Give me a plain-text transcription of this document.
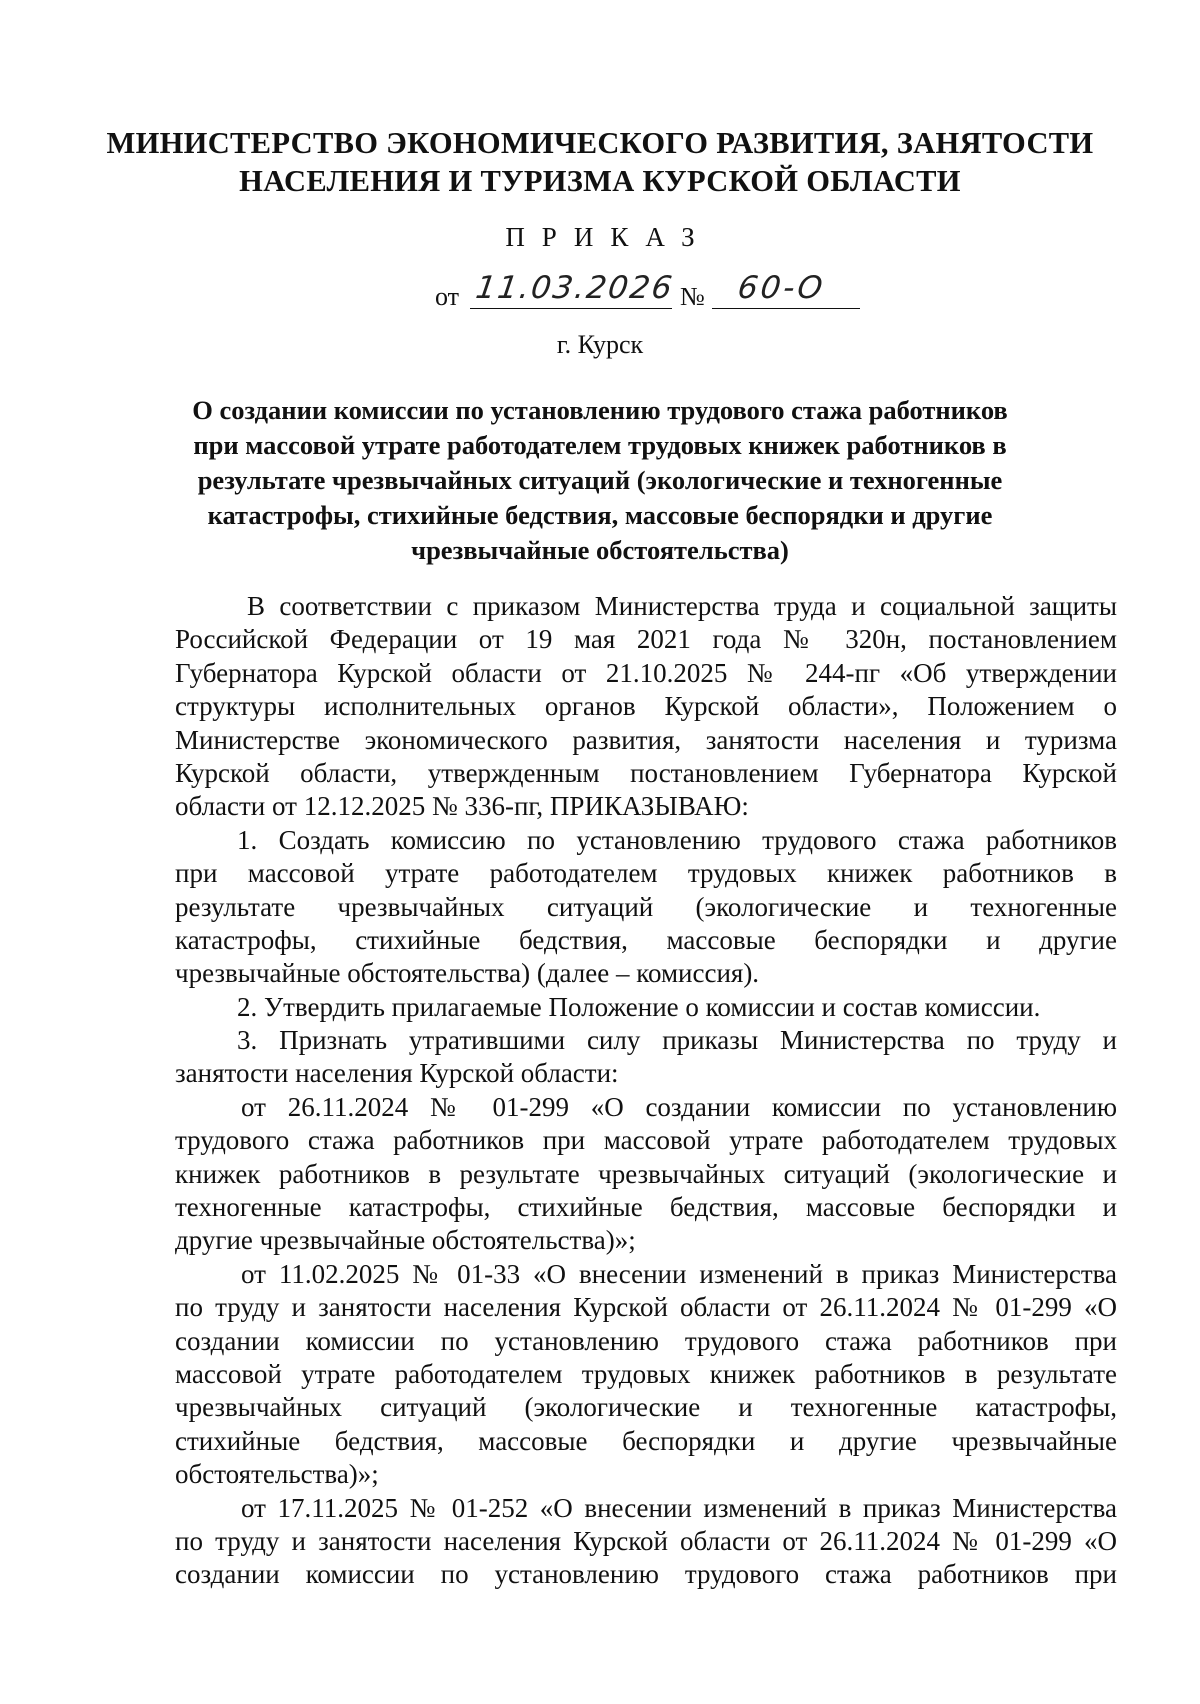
МИНИСТЕРСТВО ЭКОНОМИЧЕСКОГО РАЗВИТИЯ, ЗАНЯТОСТИ
НАСЕЛЕНИЯ И ТУРИЗМА КУРСКОЙ ОБЛАСТИ
ПРИКАЗ
от 11.03.2026 № 60-О
г. Курск
О создании комиссии по установлению трудового стажа работников
при массовой утрате работодателем трудовых книжек работников в
результате чрезвычайных ситуаций (экологические и техногенные
катастрофы, стихийные бедствия, массовые беспорядки и другие
чрезвычайные обстоятельства)
В соответствии с приказом Министерства труда и социальной защиты
Российской Федерации от 19 мая 2021 года № 320н, постановлением
Губернатора Курской области от 21.10.2025 № 244-пг «Об утверждении
структуры исполнительных органов Курской области», Положением о
Министерстве экономического развития, занятости населения и туризма
Курской области, утвержденным постановлением Губернатора Курской
области от 12.12.2025 № 336-пг, ПРИКАЗЫВАЮ:
1. Создать комиссию по установлению трудового стажа работников
при массовой утрате работодателем трудовых книжек работников в
результате чрезвычайных ситуаций (экологические и техногенные
катастрофы, стихийные бедствия, массовые беспорядки и другие
чрезвычайные обстоятельства) (далее – комиссия).
2. Утвердить прилагаемые Положение о комиссии и состав комиссии.
3. Признать утратившими силу приказы Министерства по труду и
занятости населения Курской области:
от 26.11.2024 № 01-299 «О создании комиссии по установлению
трудового стажа работников при массовой утрате работодателем трудовых
книжек работников в результате чрезвычайных ситуаций (экологические и
техногенные катастрофы, стихийные бедствия, массовые беспорядки и
другие чрезвычайные обстоятельства)»;
от 11.02.2025 № 01-33 «О внесении изменений в приказ Министерства
по труду и занятости населения Курской области от 26.11.2024 № 01-299 «О
создании комиссии по установлению трудового стажа работников при
массовой утрате работодателем трудовых книжек работников в результате
чрезвычайных ситуаций (экологические и техногенные катастрофы,
стихийные бедствия, массовые беспорядки и другие чрезвычайные
обстоятельства)»;
от 17.11.2025 № 01-252 «О внесении изменений в приказ Министерства
по труду и занятости населения Курской области от 26.11.2024 № 01-299 «О
создании комиссии по установлению трудового стажа работников при
